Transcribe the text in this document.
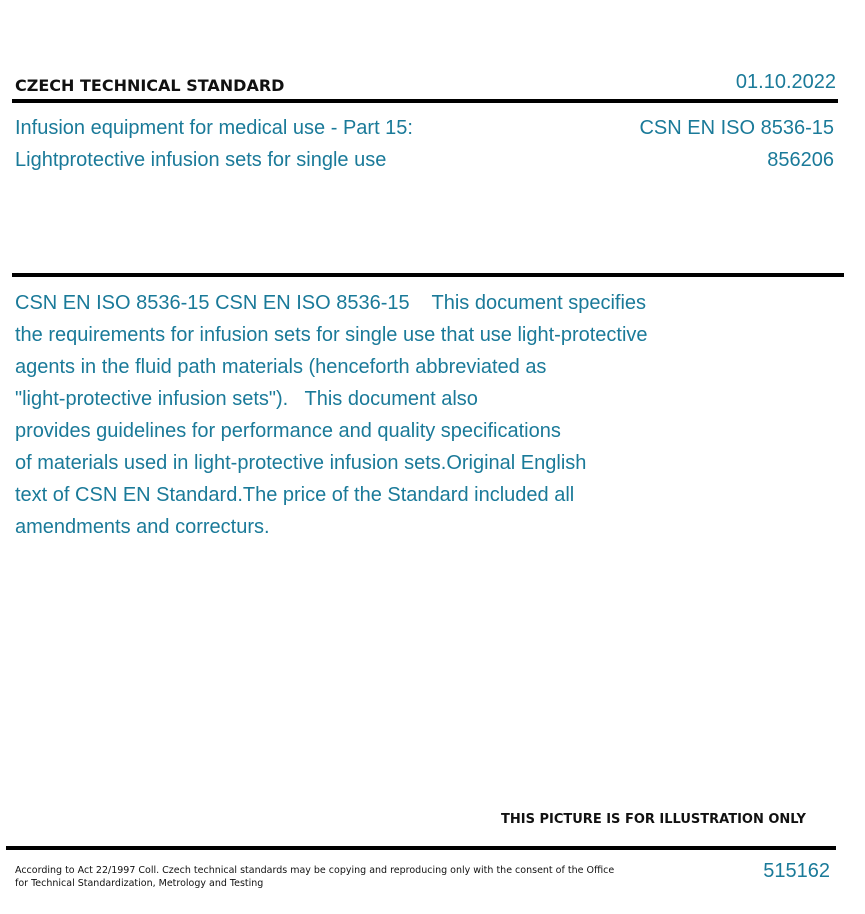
CZECH TECHNICAL STANDARD	01.10.2022
Infusion equipment for medical use - Part 15:
Lightprotective infusion sets for single use
CSN EN ISO 8536-15
856206
CSN EN ISO 8536-15 CSN EN ISO 8536-15    This document specifies
the requirements for infusion sets for single use that use light-protective
agents in the fluid path materials (henceforth abbreviated as
"light-protective infusion sets").   This document also
provides guidelines for performance and quality specifications
of materials used in light-protective infusion sets.Original English
text of CSN EN Standard.The price of the Standard included all
amendments and correcturs.
THIS PICTURE IS FOR ILLUSTRATION ONLY
According to Act 22/1997 Coll. Czech technical standards may be copying and reproducing only with the consent of the Office
for Technical Standardization, Metrology and Testing
515162
